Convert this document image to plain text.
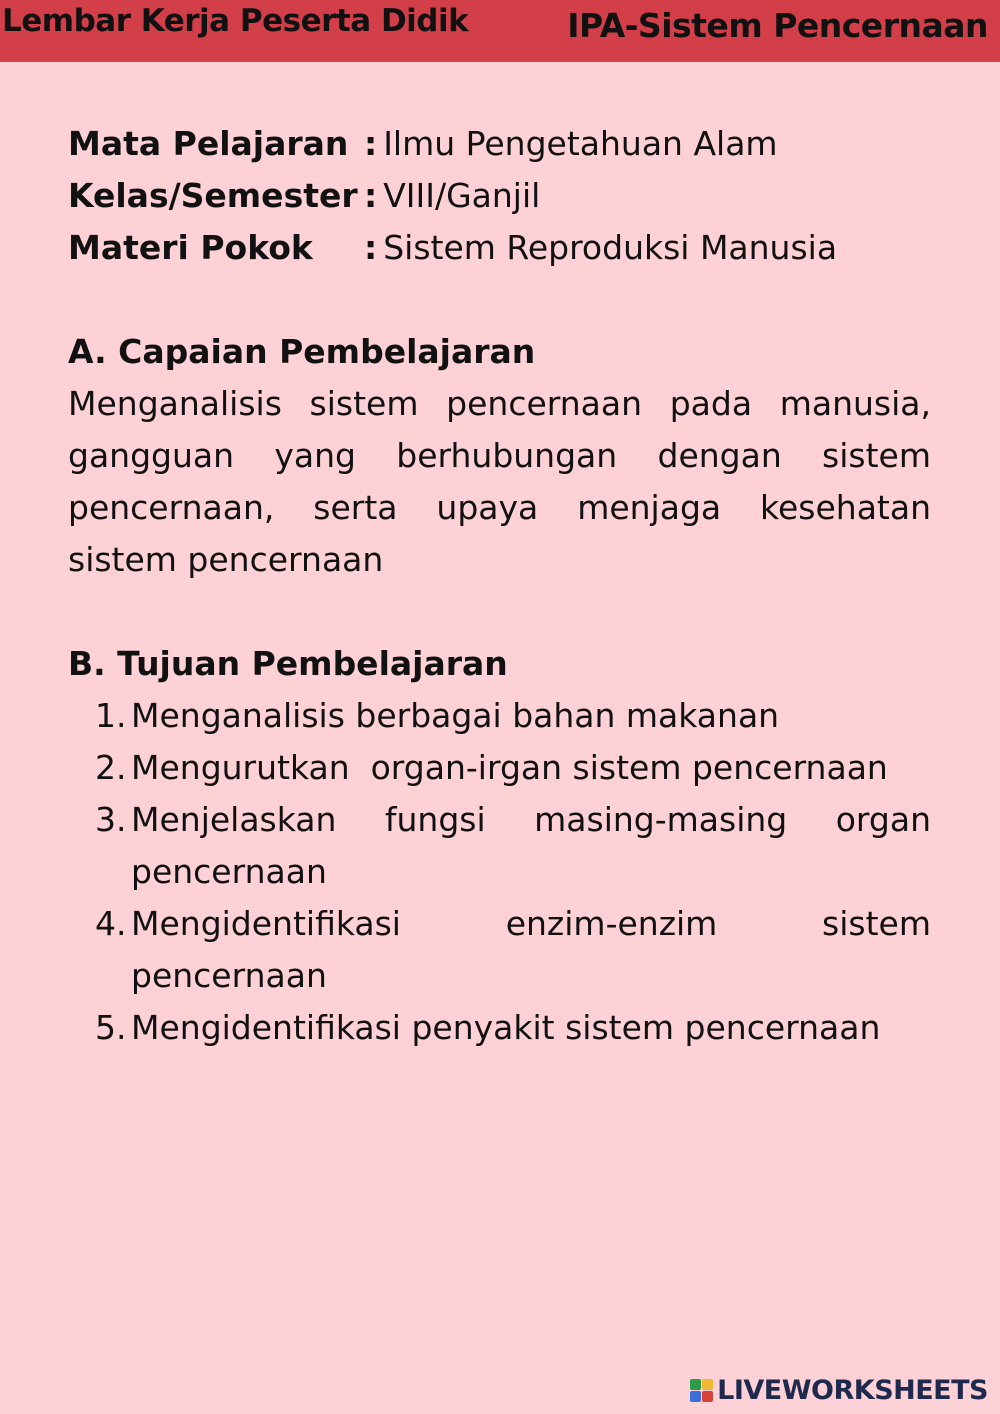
Lembar Kerja Peserta Didik	IPA-Sistem Pencernaan
Mata Pelajaran : Ilmu Pengetahuan Alam
Kelas/Semester : VIII/Ganjil
Materi Pokok : Sistem Reproduksi Manusia
A. Capaian Pembelajaran
Menganalisis sistem pencernaan pada manusia, gangguan yang berhubungan dengan sistem pencernaan, serta upaya menjaga kesehatan sistem pencernaan
B. Tujuan Pembelajaran
1. Menganalisis berbagai bahan makanan
2. Mengurutkan  organ-irgan sistem pencernaan
3. Menjelaskan fungsi masing-masing organ pencernaan
4. Mengidentifikasi enzim-enzim sistem pencernaan
5. Mengidentifikasi penyakit sistem pencernaan
LIVEWORKSHEETS
